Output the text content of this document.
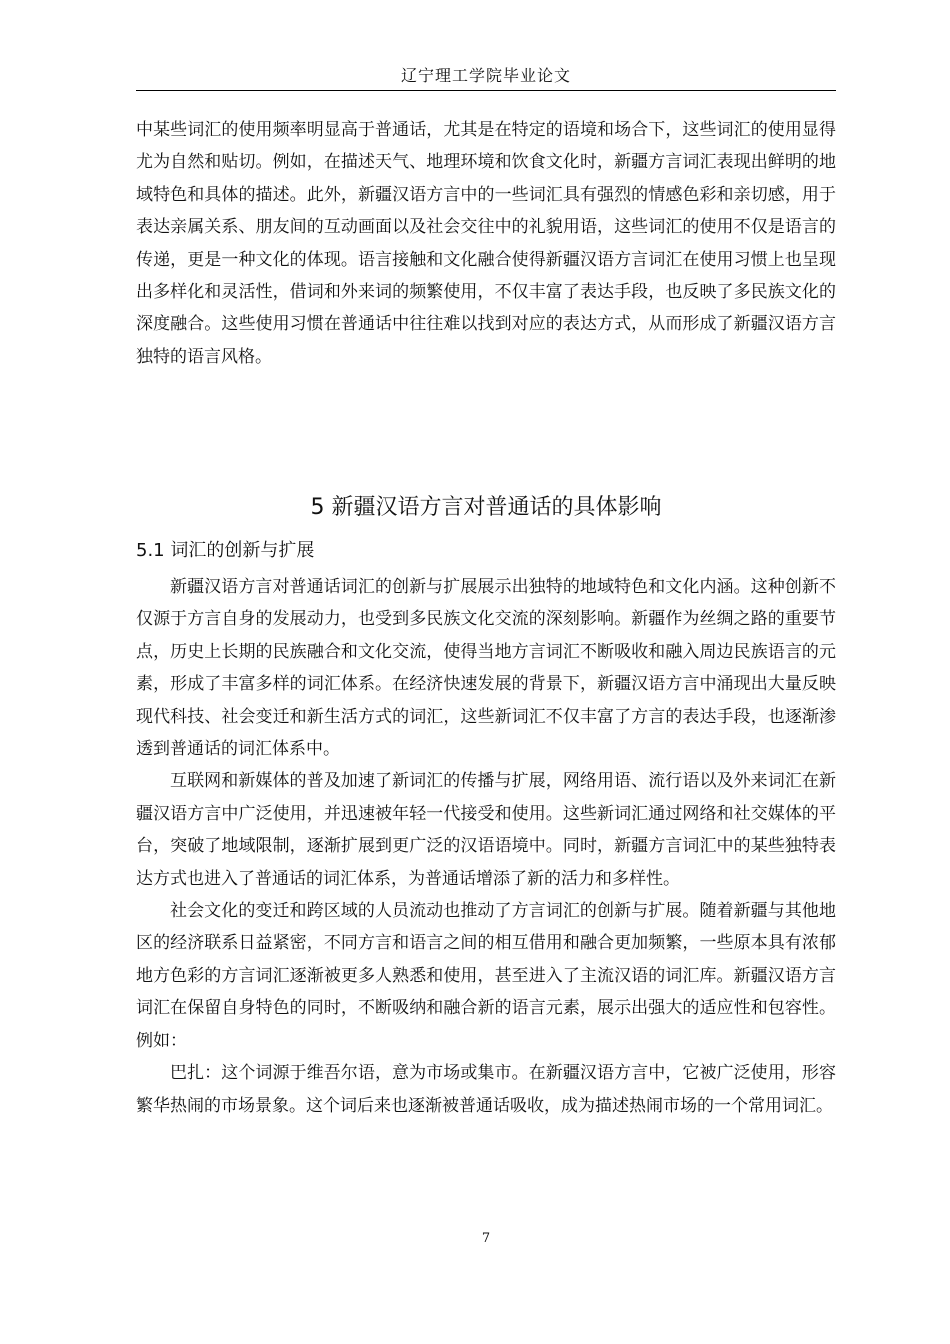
辽宁理工学院毕业论文

中某些词汇的使用频率明显高于普通话，尤其是在特定的语境和场合下，这些词汇的使用显得尤为自然和贴切。例如，在描述天气、地理环境和饮食文化时，新疆方言词汇表现出鲜明的地域特色和具体的描述。此外，新疆汉语方言中的一些词汇具有强烈的情感色彩和亲切感，用于表达亲属关系、朋友间的互动画面以及社会交往中的礼貌用语，这些词汇的使用不仅是语言的传递，更是一种文化的体现。语言接触和文化融合使得新疆汉语方言词汇在使用习惯上也呈现出多样化和灵活性，借词和外来词的频繁使用，不仅丰富了表达手段，也反映了多民族文化的深度融合。这些使用习惯在普通话中往往难以找到对应的表达方式，从而形成了新疆汉语方言独特的语言风格。

5 新疆汉语方言对普通话的具体影响
5.1 词汇的创新与扩展

新疆汉语方言对普通话词汇的创新与扩展展示出独特的地域特色和文化内涵。这种创新不仅源于方言自身的发展动力，也受到多民族文化交流的深刻影响。新疆作为丝绸之路的重要节点，历史上长期的民族融合和文化交流，使得当地方言词汇不断吸收和融入周边民族语言的元素，形成了丰富多样的词汇体系。在经济快速发展的背景下，新疆汉语方言中涌现出大量反映现代科技、社会变迁和新生活方式的词汇，这些新词汇不仅丰富了方言的表达手段，也逐渐渗透到普通话的词汇体系中。

互联网和新媒体的普及加速了新词汇的传播与扩展，网络用语、流行语以及外来词汇在新疆汉语方言中广泛使用，并迅速被年轻一代接受和使用。这些新词汇通过网络和社交媒体的平台，突破了地域限制，逐渐扩展到更广泛的汉语语境中。同时，新疆方言词汇中的某些独特表达方式也进入了普通话的词汇体系，为普通话增添了新的活力和多样性。

社会文化的变迁和跨区域的人员流动也推动了方言词汇的创新与扩展。随着新疆与其他地区的经济联系日益紧密，不同方言和语言之间的相互借用和融合更加频繁，一些原本具有浓郁地方色彩的方言词汇逐渐被更多人熟悉和使用，甚至进入了主流汉语的词汇库。新疆汉语方言词汇在保留自身特色的同时，不断吸纳和融合新的语言元素，展示出强大的适应性和包容性。例如：

巴扎：这个词源于维吾尔语，意为市场或集市。在新疆汉语方言中，它被广泛使用，形容繁华热闹的市场景象。这个词后来也逐渐被普通话吸收，成为描述热闹市场的一个常用词汇。

7
